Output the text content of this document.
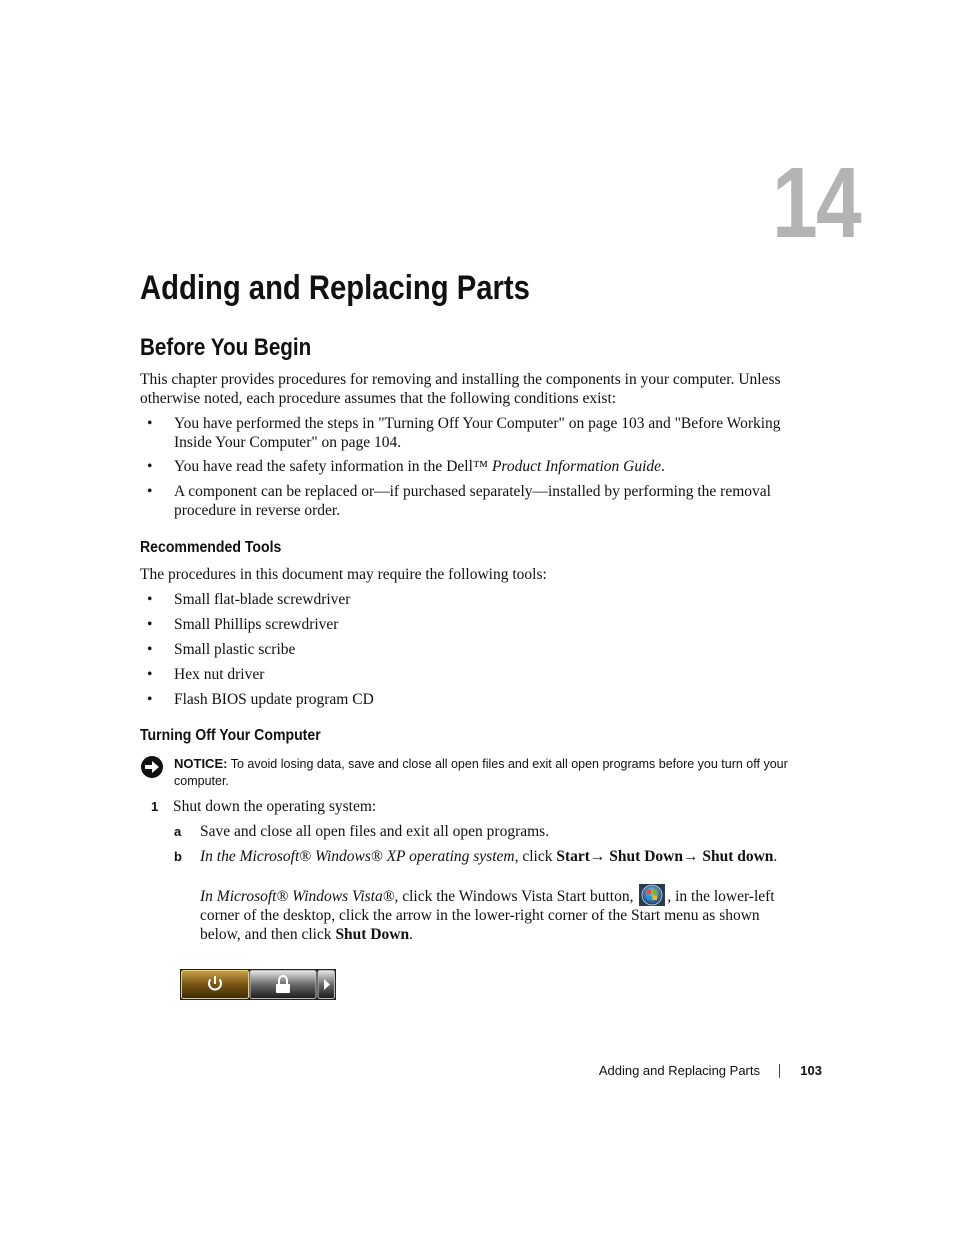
14
Adding and Replacing Parts
Before You Begin
This chapter provides procedures for removing and installing the components in your computer. Unless otherwise noted, each procedure assumes that the following conditions exist:
•	You have performed the steps in "Turning Off Your Computer" on page 103 and "Before Working Inside Your Computer" on page 104.
•	You have read the safety information in the Dell™ Product Information Guide.
•	A component can be replaced or—if purchased separately—installed by performing the removal procedure in reverse order.
Recommended Tools
The procedures in this document may require the following tools:
•	Small flat-blade screwdriver
•	Small Phillips screwdriver
•	Small plastic scribe
•	Hex nut driver
•	Flash BIOS update program CD
Turning Off Your Computer
NOTICE: To avoid losing data, save and close all open files and exit all open programs before you turn off your computer.
1 Shut down the operating system:
a Save and close all open files and exit all open programs.
b In the Microsoft® Windows® XP operating system, click Start→ Shut Down→ Shut down.
In Microsoft® Windows Vista®, click the Windows Vista Start button, , in the lower-left corner of the desktop, click the arrow in the lower-right corner of the Start menu as shown below, and then click Shut Down.
Adding and Replacing Parts	103
